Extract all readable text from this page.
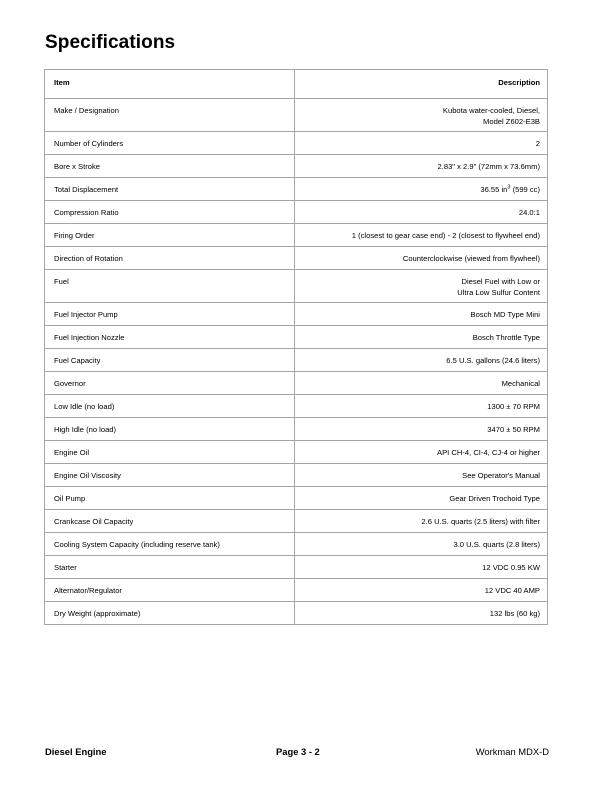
Specifications
Item	Description
Make / Designation	Kubota water-cooled, Diesel,
Model Z602-E3B

Number of Cylinders	2

Bore x Stroke	2.83" x 2.9" (72mm x 73.6mm)

Total Displacement	36.55 $in^3$ (599 cc)

Compression Ratio	24.0:1

Firing Order	1 (closest to gear case end) - 2 (closest to flywheel end)

Direction of Rotation	Counterclockwise (viewed from flywheel)

Fuel	Diesel Fuel with Low or
Ultra Low Sulfur Content

Fuel Injector Pump	Bosch MD Type Mini

Fuel Injection Nozzle	Bosch Throttle Type

Fuel Capacity	6.5 U.S. gallons (24.6 liters)

Governor	Mechanical

Low Idle (no load)	1300 ± 70 RPM

High Idle (no load)	3470 ± 50 RPM

Engine Oil	API CH-4, CI-4, CJ-4 or higher

Engine Oil Viscosity	See Operator's Manual

Oil Pump	Gear Driven Trochoid Type

Crankcase Oil Capacity	2.6 U.S. quarts (2.5 liters) with filter

Cooling System Capacity (including reserve tank)	3.0 U.S. quarts (2.8 liters)

Starter	12 VDC 0.95 KW

Alternator/Regulator	12 VDC 40 AMP

Dry Weight (approximate)	132 lbs (60 kg)
Diesel Engine	Page 3 - 2	Workman MDX-D
